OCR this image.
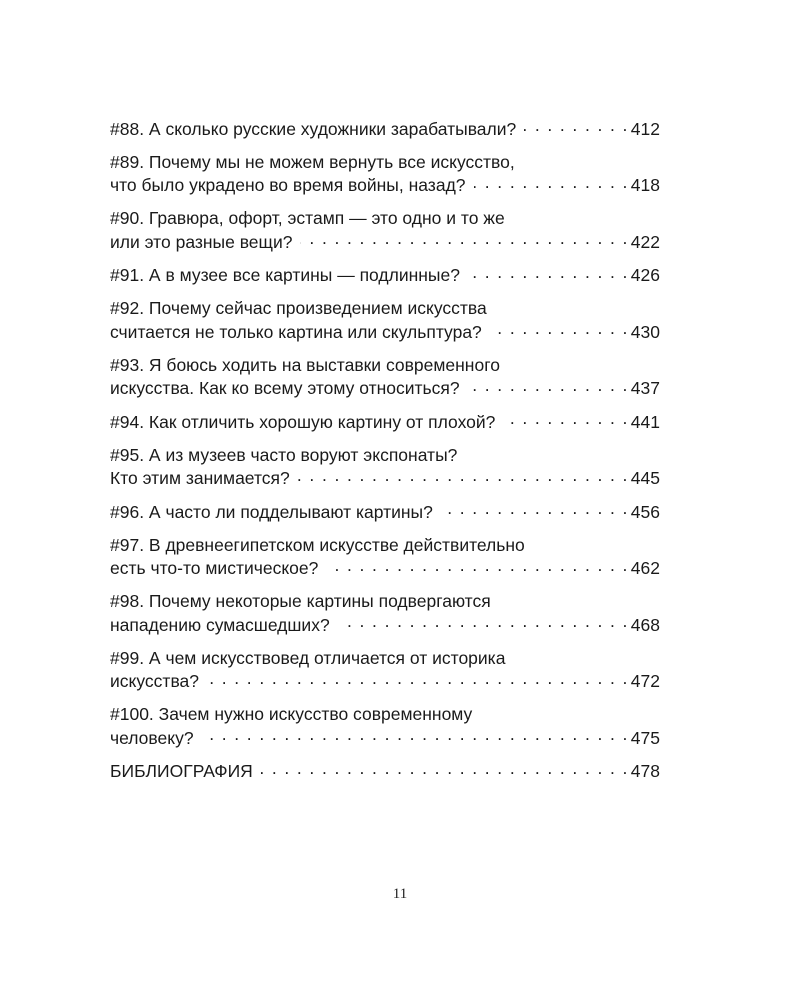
#88. А сколько русские художники зарабатывали? . . .	412
#89. Почему мы не можем вернуть все искусство,
что было украдено во время войны, назад? . . .	418
#90. Гравюра, офорт, эстамп — это одно и то же
или это разные вещи? . . .	422
#91. А в музее все картины — подлинные? . . .	426
#92. Почему сейчас произведением искусства
считается не только картина или скульптура? . . .	430
#93. Я боюсь ходить на выставки современного
искусства. Как ко всему этому относиться? . . .	437
#94. Как отличить хорошую картину от плохой? . . .	441
#95. А из музеев часто воруют экспонаты?
Кто этим занимается? . . .	445
#96. А часто ли подделывают картины? . . .	456
#97. В древнеегипетском искусстве действительно
есть что-то мистическое? . . .	462
#98. Почему некоторые картины подвергаются
нападению сумасшедших? . . .	468
#99. А чем искусствовед отличается от историка
искусства? . . .	472
#100. Зачем нужно искусство современному
человеку? . . .	475
БИБЛИОГРАФИЯ . . .	478
11
